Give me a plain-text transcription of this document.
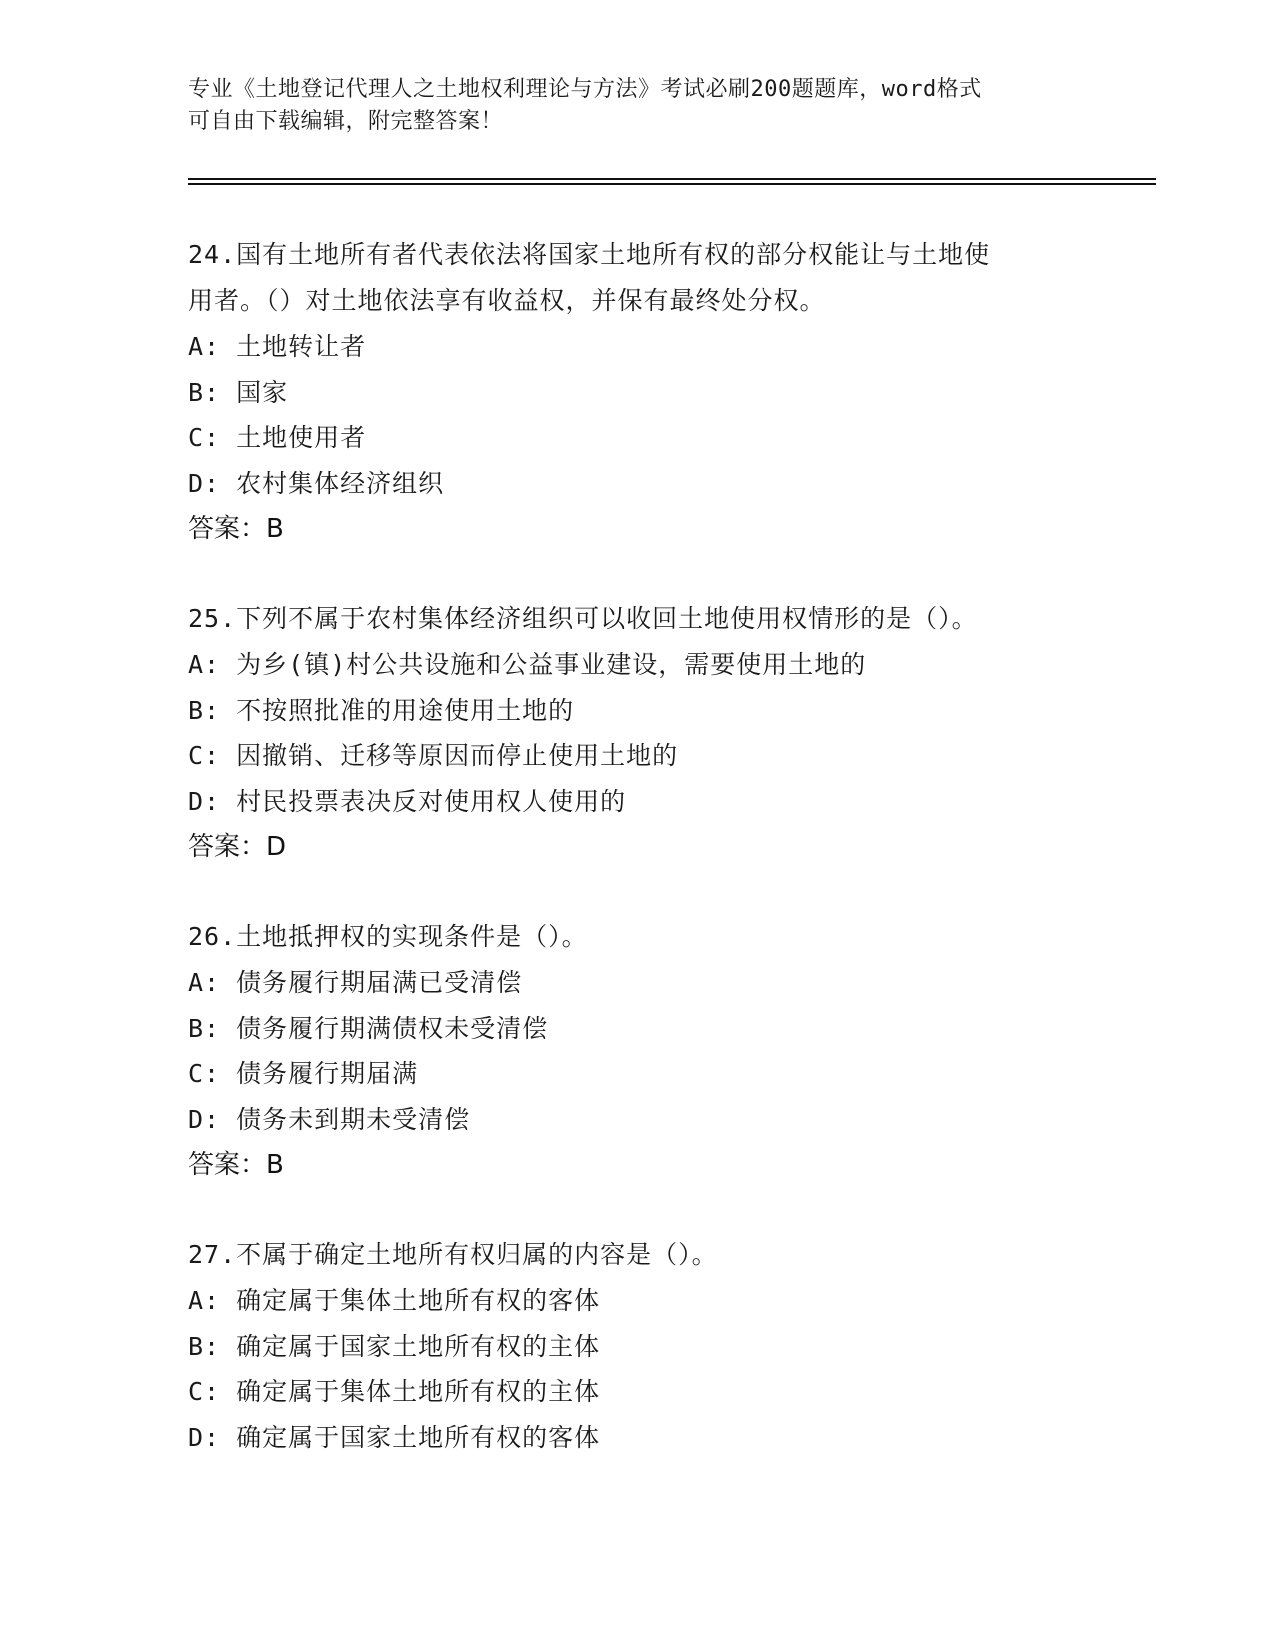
专业《土地登记代理人之土地权利理论与方法》考试必刷200题题库，word格式
可自由下载编辑，附完整答案！
24.国有土地所有者代表依法将国家土地所有权的部分权能让与土地使
用者。（）对土地依法享有收益权，并保有最终处分权。
A: 土地转让者
B: 国家
C: 土地使用者
D: 农村集体经济组织
答案：B
25.下列不属于农村集体经济组织可以收回土地使用权情形的是（）。
A: 为乡(镇)村公共设施和公益事业建设，需要使用土地的
B: 不按照批准的用途使用土地的
C: 因撤销、迁移等原因而停止使用土地的
D: 村民投票表决反对使用权人使用的
答案：D
26.土地抵押权的实现条件是（）。
A: 债务履行期届满已受清偿
B: 债务履行期满债权未受清偿
C: 债务履行期届满
D: 债务未到期未受清偿
答案：B
27.不属于确定土地所有权归属的内容是（）。
A: 确定属于集体土地所有权的客体
B: 确定属于国家土地所有权的主体
C: 确定属于集体土地所有权的主体
D: 确定属于国家土地所有权的客体
